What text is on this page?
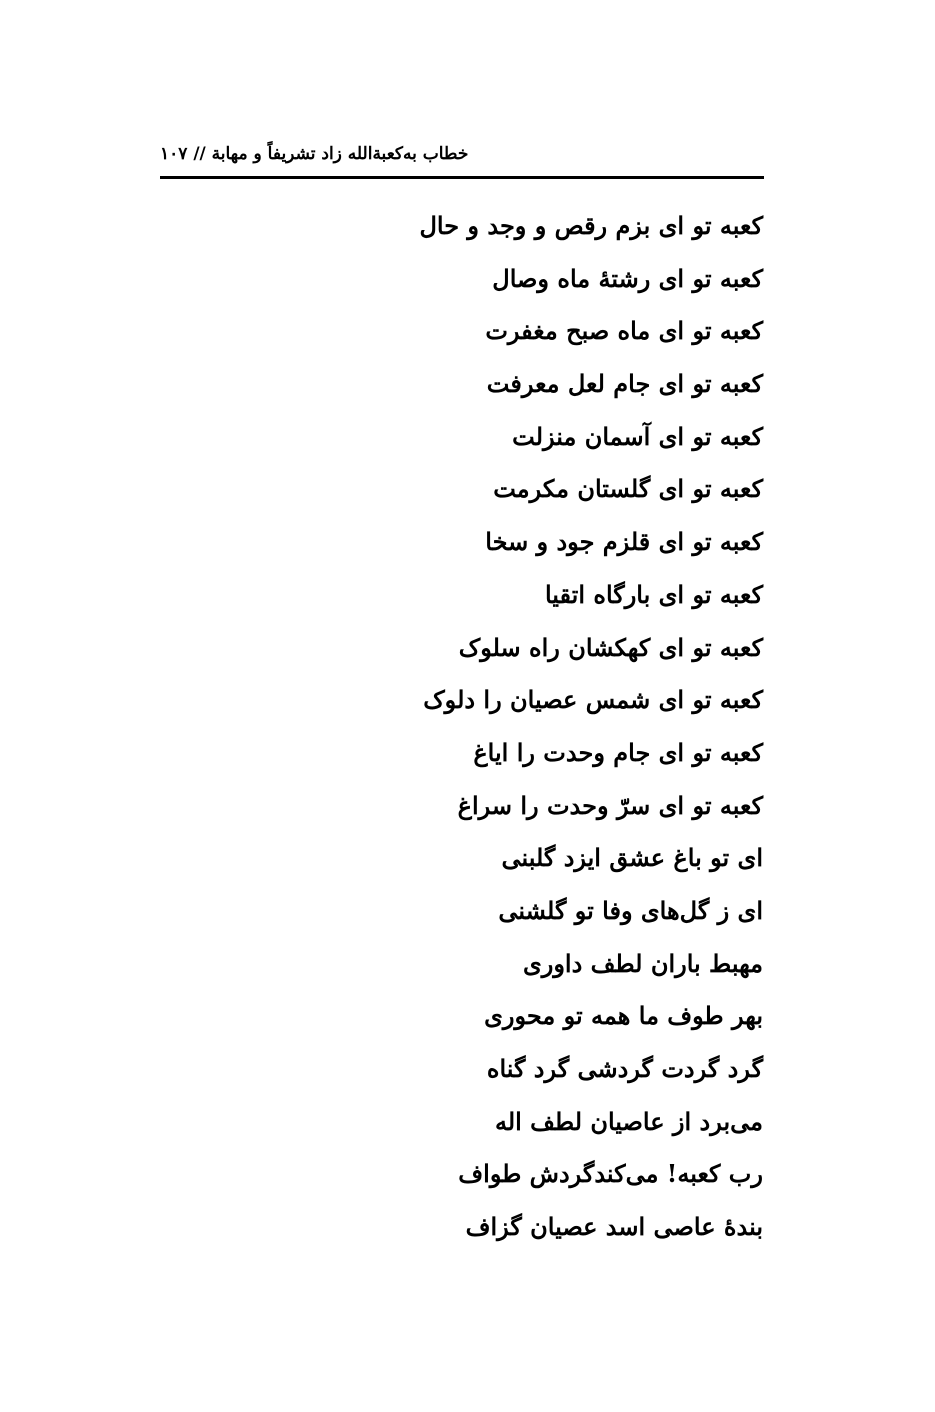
خطاب به‌کعبةالله زاد تشریفاً و مهابة // ۱۰۷
کعبه تو ای بزم رقص و وجد و حال
کعبه تو ای رشتهٔ ماه وصال
کعبه تو ای ماه صبح مغفرت
کعبه تو ای جام لعل معرفت
کعبه تو ای آسمان منزلت
کعبه تو ای گلستان مکرمت
کعبه تو ای قلزم جود و سخا
کعبه تو ای بارگاه اتقیا
کعبه تو ای کهکشان راه سلوک
کعبه تو ای شمس عصیان را دلوک
کعبه تو ای جام وحدت را ایاغ
کعبه تو ای سرّ وحدت را سراغ
ای تو باغ عشق ایزد گلبنی
ای ز گل‌های وفا تو گلشنی
مهبط باران لطف داوری
بهر طوف ما همه تو محوری
گرد گردت گردشی گرد گناه
می‌برد از عاصیان لطف اله
رب کعبه! می‌کندگردش طواف
بندهٔ عاصی اسد عصیان گزاف
